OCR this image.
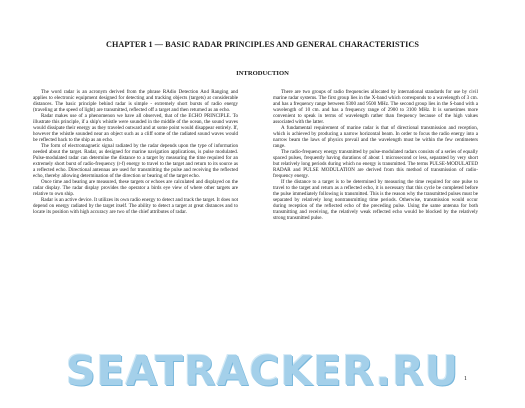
CHAPTER 1 — BASIC RADAR PRINCIPLES AND GENERAL CHARACTERISTICS
INTRODUCTION

The word radar is an acronym derived from the phrase RAdio Detection And Ranging and applies to electronic equipment designed for detecting and tracking objects (targets) at considerable distances. The basic principle behind radar is simple - extremely short bursts of radio energy (traveling at the speed of light) are transmitted, reflected off a target and then returned as an echo.

Radar makes use of a phenomenon we have all observed, that of the ECHO PRINCIPLE. To illustrate this principle, if a ship's whistle were sounded in the middle of the ocean, the sound waves would dissipate their energy as they traveled outward and at some point would disappear entirely. If, however the whistle sounded near an object such as a cliff some of the radiated sound waves would be reflected back to the ship as an echo.

The form of electromagnetic signal radiated by the radar depends upon the type of information needed about the target. Radar, as designed for marine navigation applications, is pulse modulated. Pulse-modulated radar can determine the distance to a target by measuring the time required for an extremely short burst of radio-frequency (r-f) energy to travel to the target and return to its source as a reflected echo. Directional antennas are used for transmitting the pulse and receiving the reflected echo, thereby allowing determination of the direction or bearing of the target echo.

Once time and bearing are measured, these targets or echoes are calculated and displayed on the radar display. The radar display provides the operator a birds eye view of where other targets are relative to own ship.

Radar is an active device. It utilizes its own radio energy to detect and track the target. It does not depend on energy radiated by the target itself. The ability to detect a target at great distances and to locate its position with high accuracy are two of the chief attributes of radar.

There are two groups of radio frequencies allocated by international standards for use by civil marine radar systems. The first group lies in the X-band which corresponds to a wavelength of 3 cm. and has a frequency range between 9300 and 9500 MHz. The second group lies in the S-band with a wavelength of 10 cm. and has a frequency range of 2900 to 3100 MHz. It is sometimes more convenient to speak in terms of wavelength rather than frequency because of the high values associated with the latter.

A fundamental requirement of marine radar is that of directional transmission and reception, which is achieved by producing a narrow horizontal beam. In order to focus the radio energy into a narrow beam the laws of physics prevail and the wavelength must be within the few centimeters range.

The radio-frequency energy transmitted by pulse-modulated radars consists of a series of equally spaced pulses, frequently having durations of about 1 microsecond or less, separated by very short but relatively long periods during which no energy is transmitted. The terms PULSE-MODULATED RADAR and PULSE MODULATION are derived from this method of transmission of radio-frequency energy.

If the distance to a target is to be determined by measuring the time required for one pulse to travel to the target and return as a reflected echo, it is necessary that this cycle be completed before the pulse immediately following is transmitted. This is the reason why the transmitted pulses must be separated by relatively long nontransmitting time periods. Otherwise, transmission would occur during reception of the reflected echo of the preceding pulse. Using the same antenna for both transmitting and receiving, the relatively weak reflected echo would be blocked by the relatively strong transmitted pulse.

SEATRACKER.RU 1
